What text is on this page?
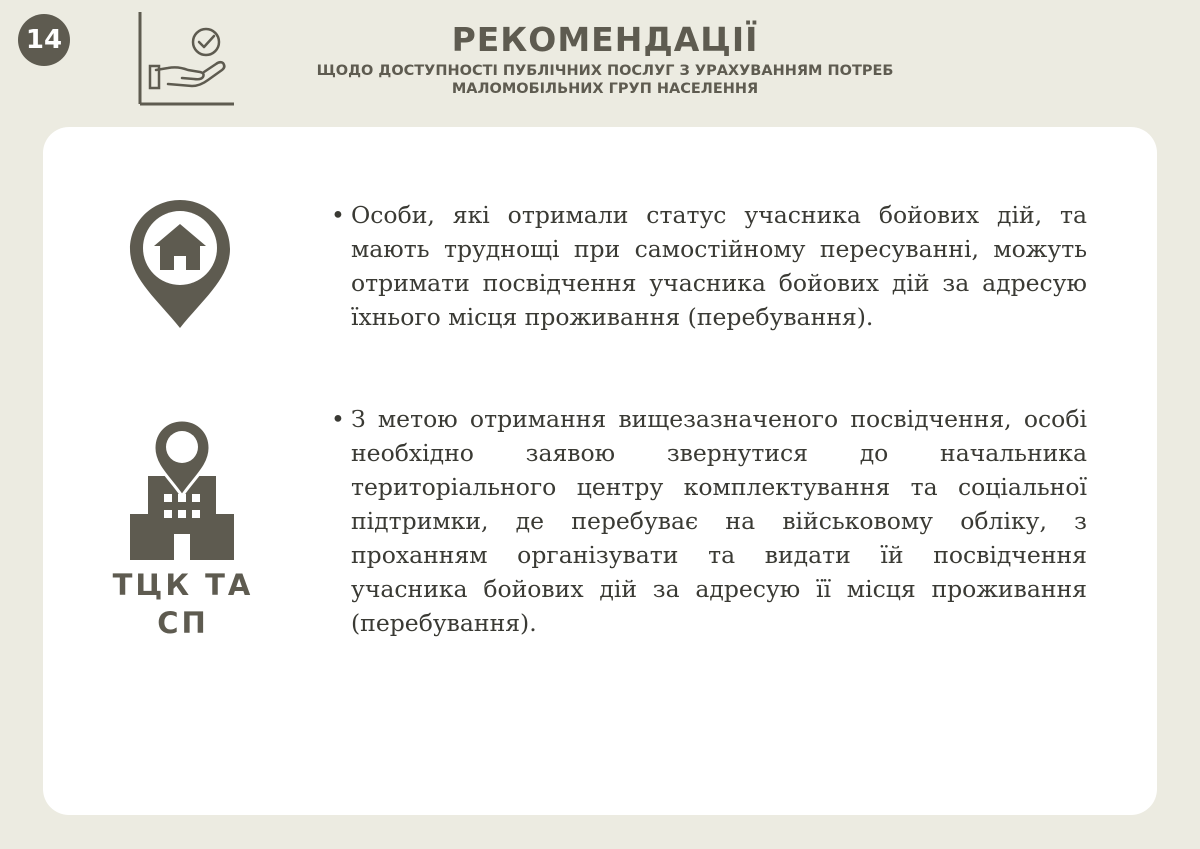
14	РЕКОМЕНДАЦІЇ
ЩОДО ДОСТУПНОСТІ ПУБЛІЧНИХ ПОСЛУГ З УРАХУВАННЯМ ПОТРЕБ
МАЛОМОБІЛЬНИХ ГРУП НАСЕЛЕННЯ
ТЦК ТА СП
• Особи, які отримали статус учасника бойових дій, та мають труднощі при самостійному пересуванні, можуть отримати посвідчення учасника бойових дій за адресую їхнього місця проживання (перебування).
• З метою отримання вищезазначеного посвідчення, особі необхідно заявою звернутися до начальника територіального центру комплектування та соціальної підтримки, де перебуває на військовому обліку, з проханням організувати та видати їй посвідчення учасника бойових дій за адресую її місця проживання (перебування).
